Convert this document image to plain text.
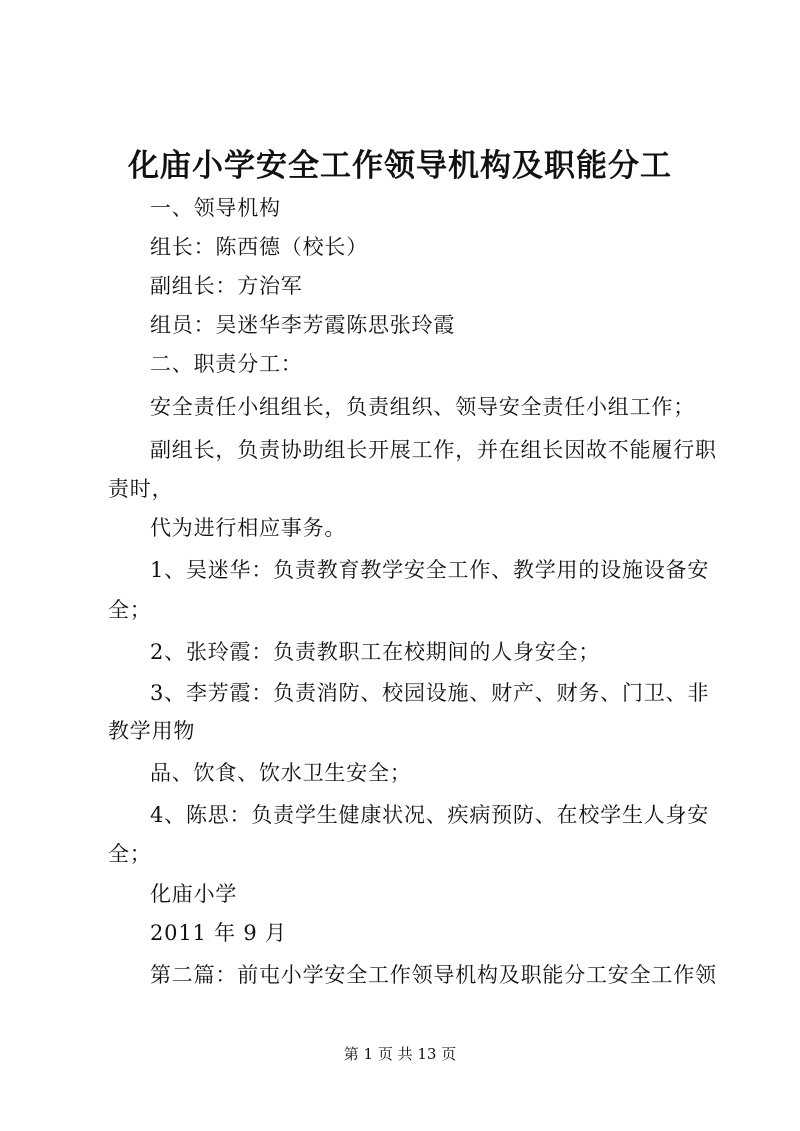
化庙小学安全工作领导机构及职能分工
一、领导机构
组长：陈西德（校长）
副组长：方治军
组员：吴迷华李芳霞陈思张玲霞
二、职责分工：
安全责任小组组长，负责组织、领导安全责任小组工作；
副组长，负责协助组长开展工作，并在组长因故不能履行职
责时，
代为进行相应事务。
1、吴迷华：负责教育教学安全工作、教学用的设施设备安
全；
2、张玲霞：负责教职工在校期间的人身安全；
3、李芳霞：负责消防、校园设施、财产、财务、门卫、非
教学用物
品、饮食、饮水卫生安全；
4、陈思：负责学生健康状况、疾病预防、在校学生人身安
全；
化庙小学
2011 年 9 月
第二篇：前屯小学安全工作领导机构及职能分工安全工作领
第 1 页 共 13 页
